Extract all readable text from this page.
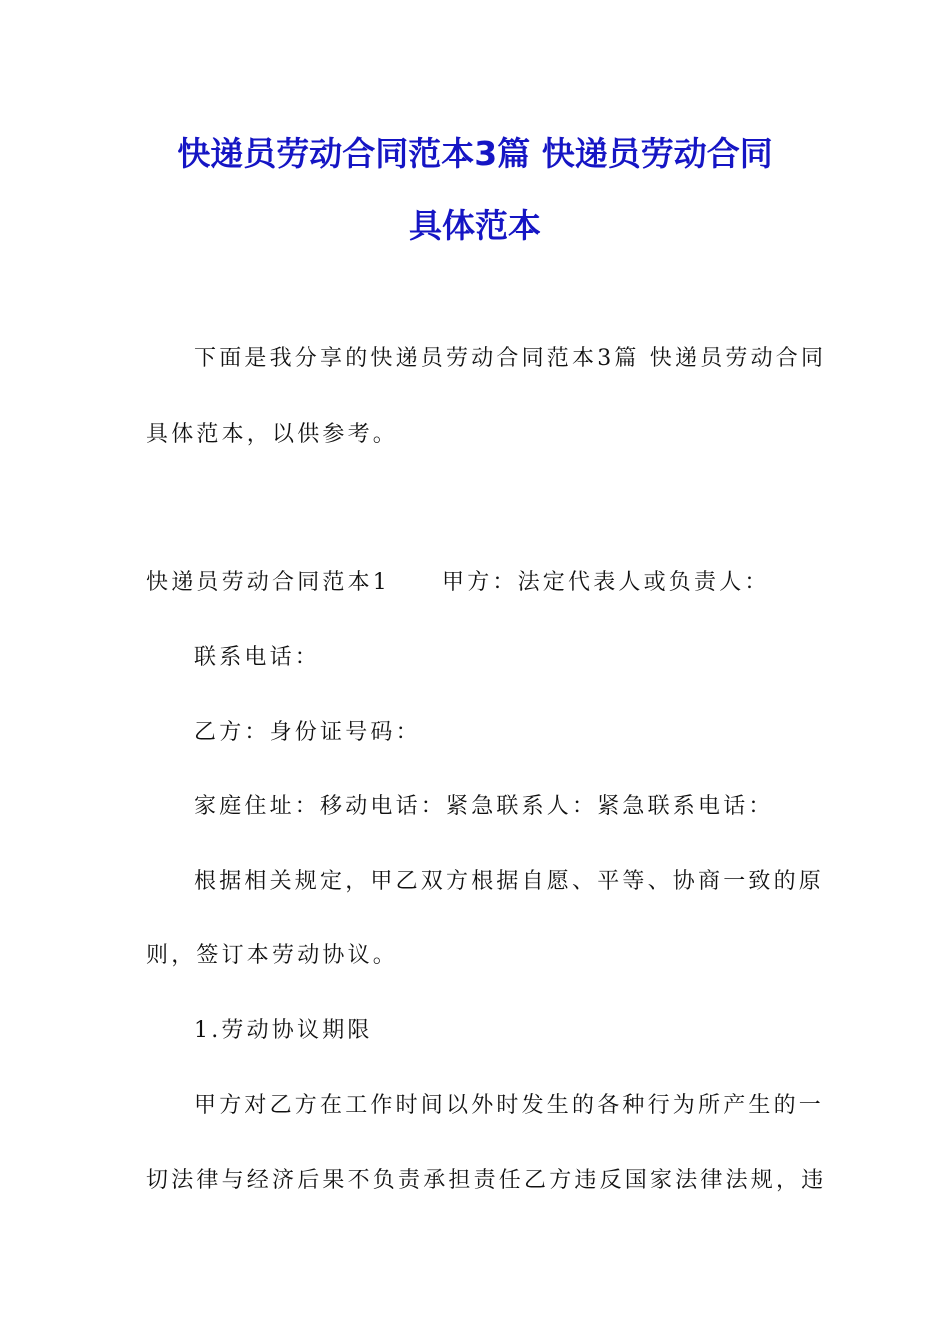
快递员劳动合同范本3篇 快递员劳动合同
具体范本

下面是我分享的快递员劳动合同范本3篇 快递员劳动合同

具体范本，以供参考。

快递员劳动合同范本1 甲方：法定代表人或负责人：

联系电话：

乙方：身份证号码：

家庭住址：移动电话：紧急联系人：紧急联系电话：

根据相关规定，甲乙双方根据自愿、平等、协商一致的原

则，签订本劳动协议。

1.劳动协议期限

甲方对乙方在工作时间以外时发生的各种行为所产生的一

切法律与经济后果不负责承担责任乙方违反国家法律法规，违
